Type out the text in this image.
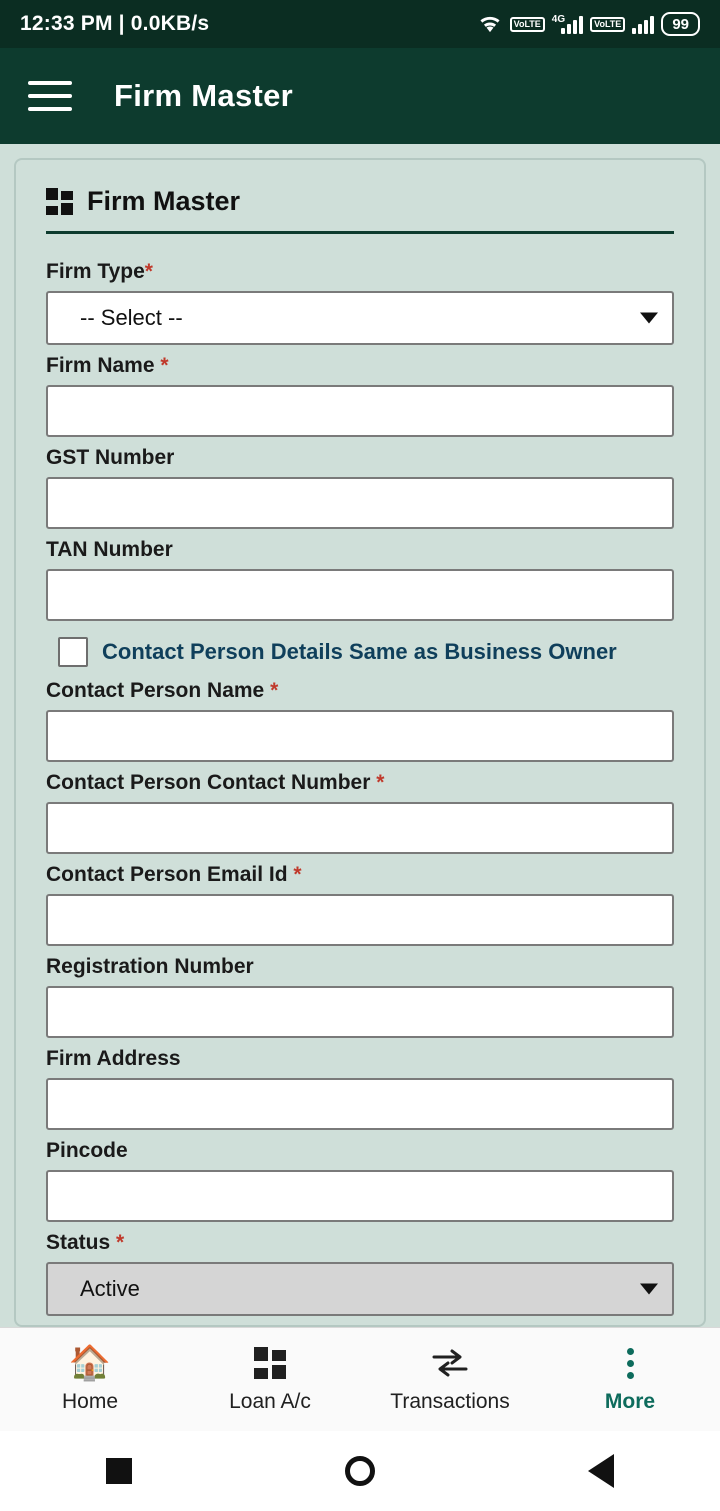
12:33 PM | 0.0KB/s	VoLTE 4G	VoLTE	99
Firm Master
Firm Master
Firm Type*
-- Select --
Firm Name *
GST Number
TAN Number
Contact Person Details Same as Business Owner
Contact Person Name *
Contact Person Contact Number *
Contact Person Email Id *
Registration Number
Firm Address
Pincode
Status *
Active
🏠
Home	Loan A/c	Transactions	More
